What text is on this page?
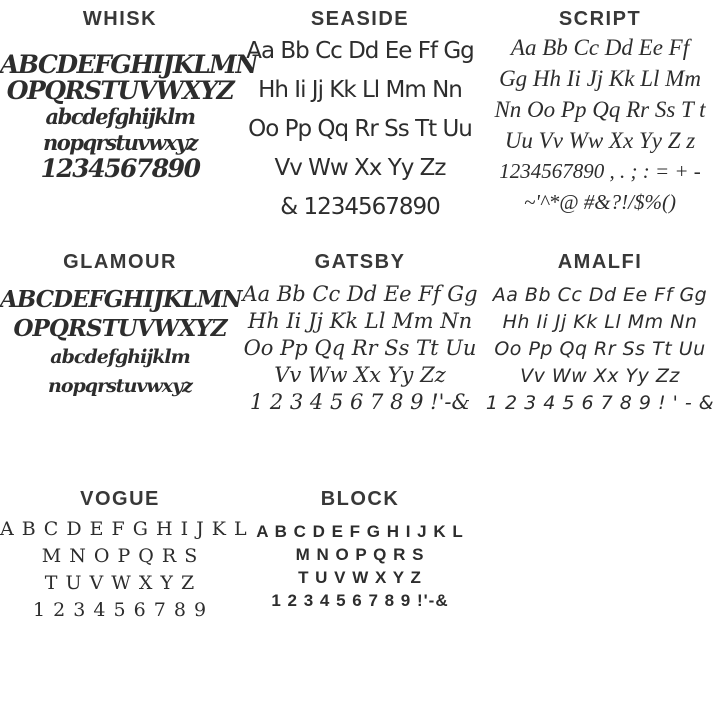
WHISK
ABCDEFGHIJKLMN
OPQRSTUVWXYZ
abcdefghijklm
nopqrstuvwxyz
1234567890
SEASIDE
Aa Bb Cc Dd Ee Ff Gg
Hh Ii Jj Kk Ll Mm Nn
Oo Pp Qq Rr Ss Tt Uu
Vv Ww Xx Yy Zz
& 1234567890
SCRIPT
Aa Bb Cc Dd Ee Ff
Gg Hh Ii Jj Kk Ll Mm
Nn Oo Pp Qq Rr Ss T t
Uu Vv Ww Xx Yy Z z
1234567890 , . ; : = + -
~'^*@ #&?!/$%()
GLAMOUR
ABCDEFGHIJKLMN
OPQRSTUVWXYZ
abcdefghijklm
nopqrstuvwxyz
GATSBY
Aa Bb Cc Dd Ee Ff Gg
Hh Ii Jj Kk Ll Mm Nn
Oo Pp Qq Rr Ss Tt Uu
Vv Ww Xx Yy Zz
1 2 3 4 5 6 7 8 9 !'-&
AMALFI
Aa Bb Cc Dd Ee Ff Gg
Hh Ii Jj Kk Ll Mm Nn
Oo Pp Qq Rr Ss Tt Uu
Vv Ww Xx Yy Zz
1 2 3 4 5 6 7 8 9 ! ' - &
VOGUE
A B C D E F G H I J K L
M N O P Q R S
T U V W X Y Z
1 2 3 4 5 6 7 8 9
BLOCK
A B C D E F G H I J K L
M N O P Q R S
T U V W X Y Z
1 2 3 4 5 6 7 8 9 !'-&
